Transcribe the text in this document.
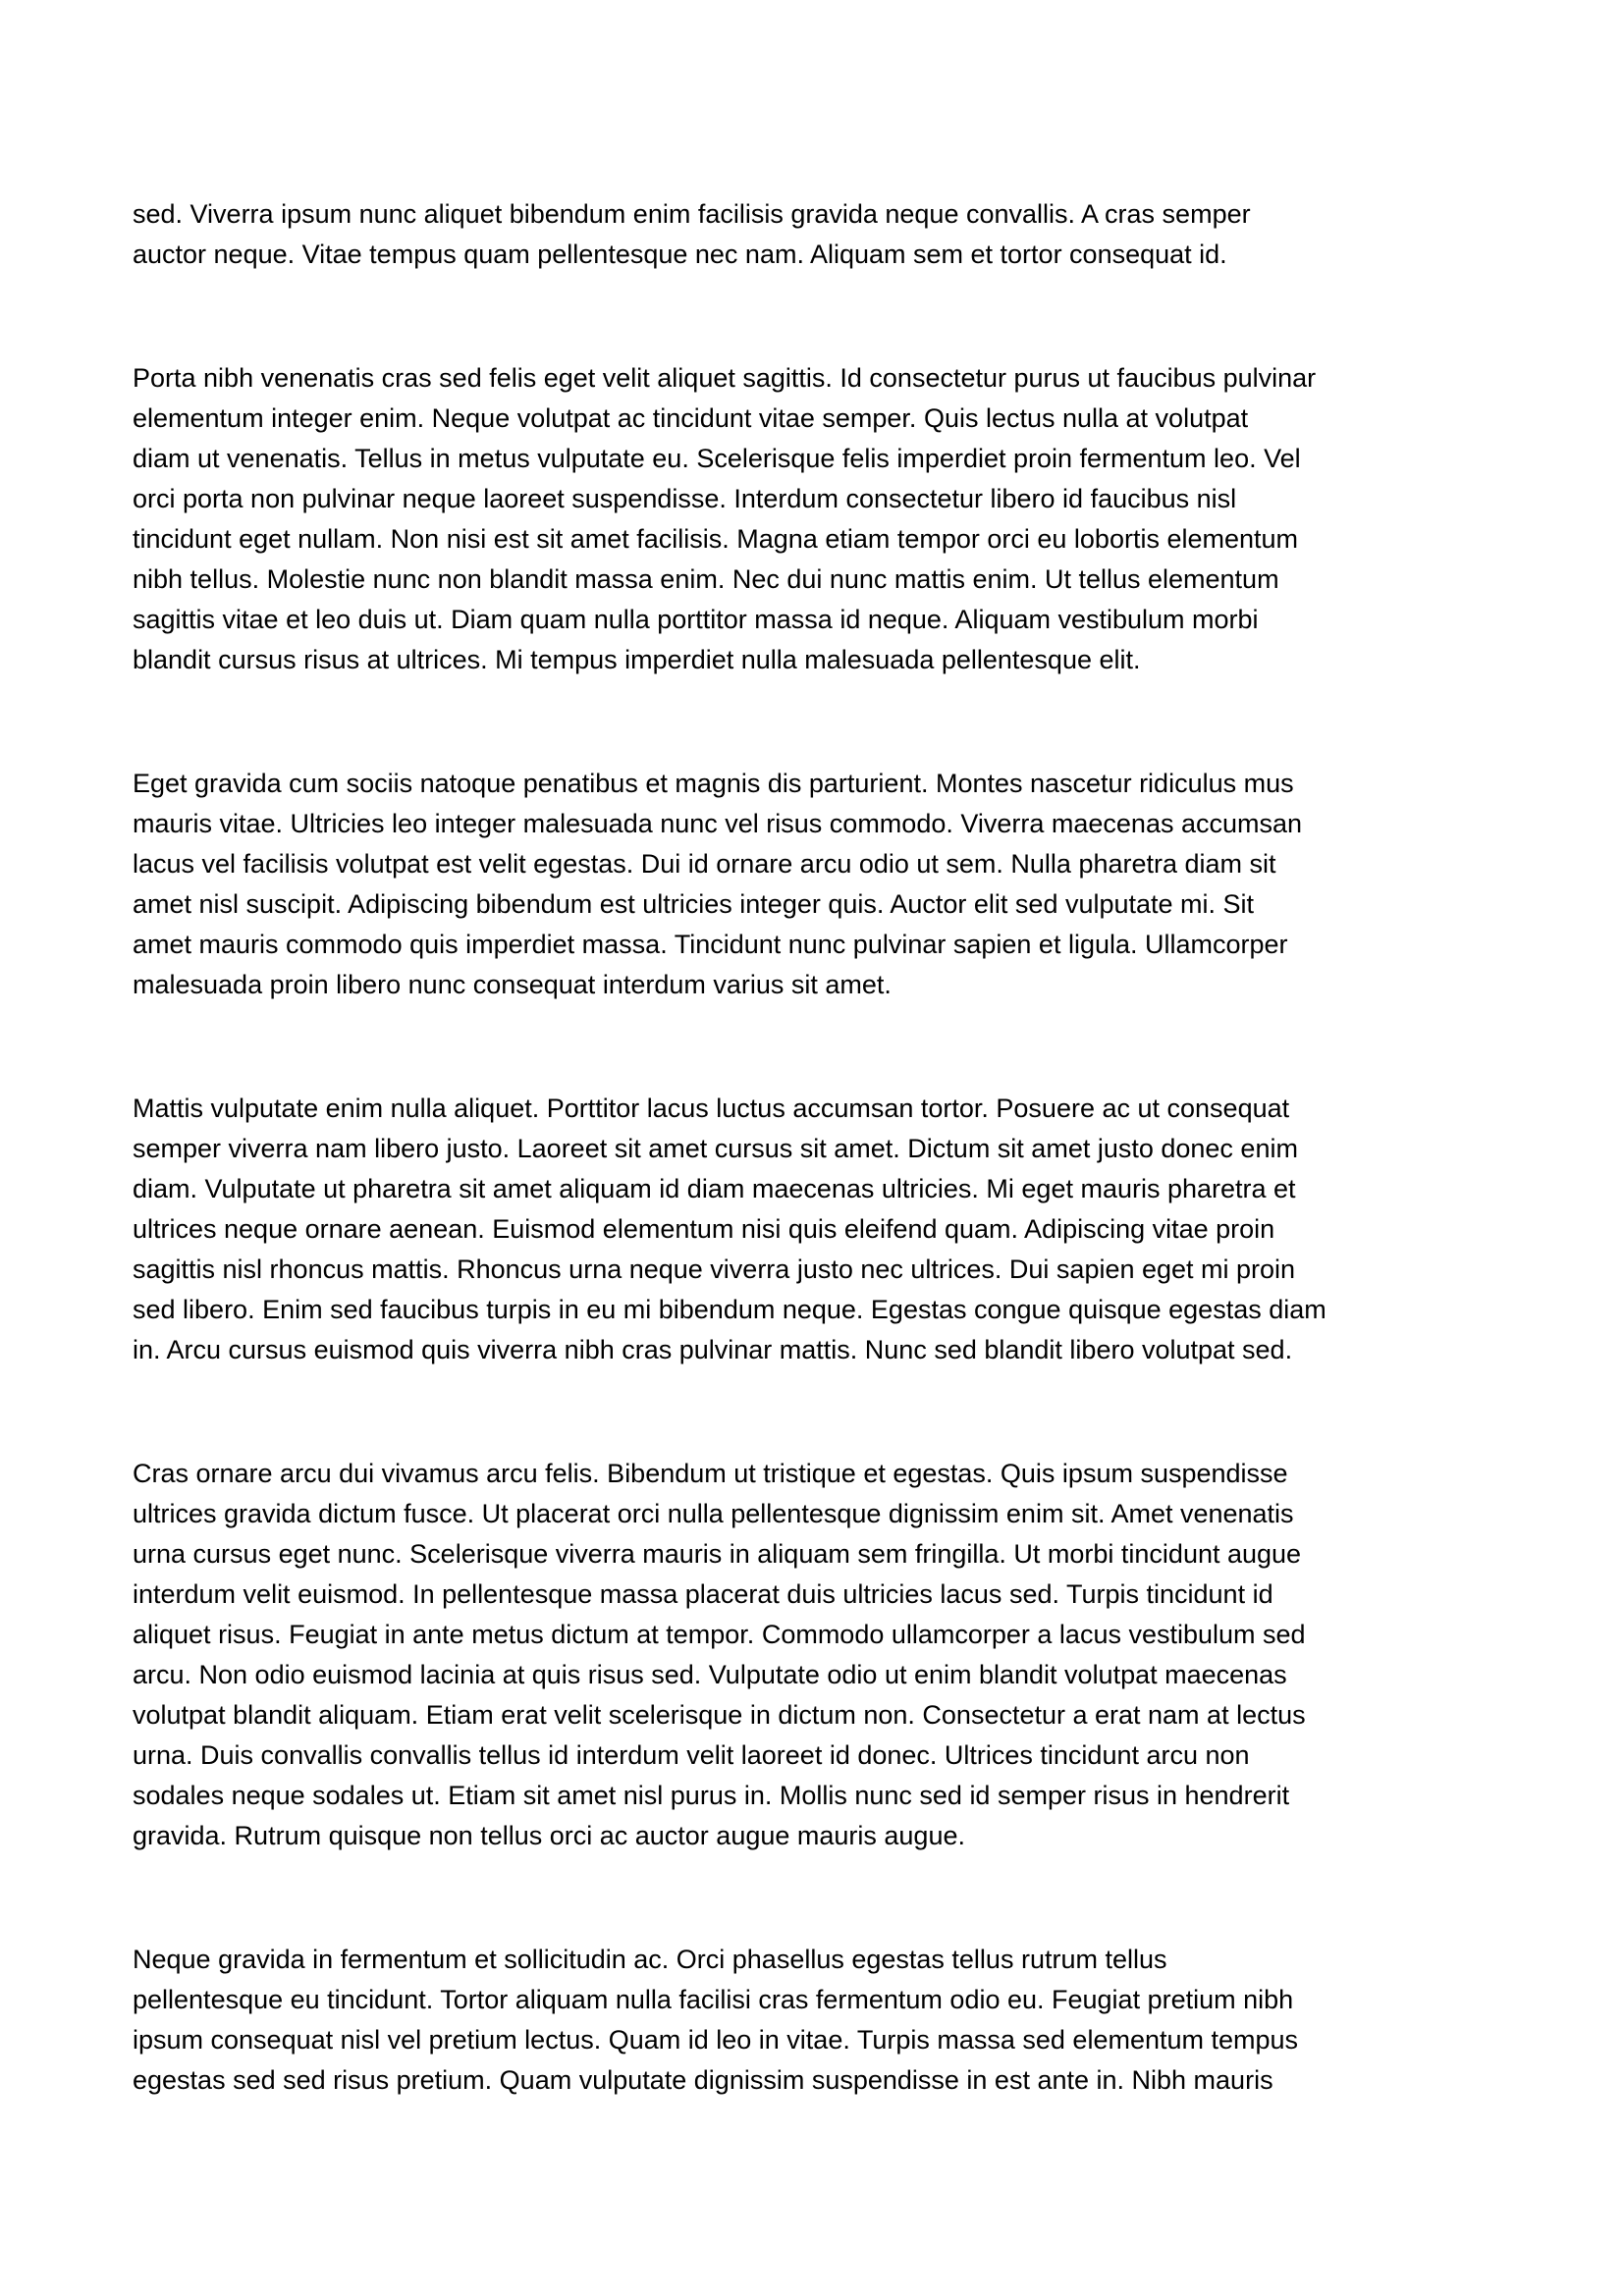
sed. Viverra ipsum nunc aliquet bibendum enim facilisis gravida neque convallis. A cras semper
auctor neque. Vitae tempus quam pellentesque nec nam. Aliquam sem et tortor consequat id.

Porta nibh venenatis cras sed felis eget velit aliquet sagittis. Id consectetur purus ut faucibus pulvinar
elementum integer enim. Neque volutpat ac tincidunt vitae semper. Quis lectus nulla at volutpat
diam ut venenatis. Tellus in metus vulputate eu. Scelerisque felis imperdiet proin fermentum leo. Vel
orci porta non pulvinar neque laoreet suspendisse. Interdum consectetur libero id faucibus nisl
tincidunt eget nullam. Non nisi est sit amet facilisis. Magna etiam tempor orci eu lobortis elementum
nibh tellus. Molestie nunc non blandit massa enim. Nec dui nunc mattis enim. Ut tellus elementum
sagittis vitae et leo duis ut. Diam quam nulla porttitor massa id neque. Aliquam vestibulum morbi
blandit cursus risus at ultrices. Mi tempus imperdiet nulla malesuada pellentesque elit.

Eget gravida cum sociis natoque penatibus et magnis dis parturient. Montes nascetur ridiculus mus
mauris vitae. Ultricies leo integer malesuada nunc vel risus commodo. Viverra maecenas accumsan
lacus vel facilisis volutpat est velit egestas. Dui id ornare arcu odio ut sem. Nulla pharetra diam sit
amet nisl suscipit. Adipiscing bibendum est ultricies integer quis. Auctor elit sed vulputate mi. Sit
amet mauris commodo quis imperdiet massa. Tincidunt nunc pulvinar sapien et ligula. Ullamcorper
malesuada proin libero nunc consequat interdum varius sit amet.

Mattis vulputate enim nulla aliquet. Porttitor lacus luctus accumsan tortor. Posuere ac ut consequat
semper viverra nam libero justo. Laoreet sit amet cursus sit amet. Dictum sit amet justo donec enim
diam. Vulputate ut pharetra sit amet aliquam id diam maecenas ultricies. Mi eget mauris pharetra et
ultrices neque ornare aenean. Euismod elementum nisi quis eleifend quam. Adipiscing vitae proin
sagittis nisl rhoncus mattis. Rhoncus urna neque viverra justo nec ultrices. Dui sapien eget mi proin
sed libero. Enim sed faucibus turpis in eu mi bibendum neque. Egestas congue quisque egestas diam
in. Arcu cursus euismod quis viverra nibh cras pulvinar mattis. Nunc sed blandit libero volutpat sed.

Cras ornare arcu dui vivamus arcu felis. Bibendum ut tristique et egestas. Quis ipsum suspendisse
ultrices gravida dictum fusce. Ut placerat orci nulla pellentesque dignissim enim sit. Amet venenatis
urna cursus eget nunc. Scelerisque viverra mauris in aliquam sem fringilla. Ut morbi tincidunt augue
interdum velit euismod. In pellentesque massa placerat duis ultricies lacus sed. Turpis tincidunt id
aliquet risus. Feugiat in ante metus dictum at tempor. Commodo ullamcorper a lacus vestibulum sed
arcu. Non odio euismod lacinia at quis risus sed. Vulputate odio ut enim blandit volutpat maecenas
volutpat blandit aliquam. Etiam erat velit scelerisque in dictum non. Consectetur a erat nam at lectus
urna. Duis convallis convallis tellus id interdum velit laoreet id donec. Ultrices tincidunt arcu non
sodales neque sodales ut. Etiam sit amet nisl purus in. Mollis nunc sed id semper risus in hendrerit
gravida. Rutrum quisque non tellus orci ac auctor augue mauris augue.

Neque gravida in fermentum et sollicitudin ac. Orci phasellus egestas tellus rutrum tellus
pellentesque eu tincidunt. Tortor aliquam nulla facilisi cras fermentum odio eu. Feugiat pretium nibh
ipsum consequat nisl vel pretium lectus. Quam id leo in vitae. Turpis massa sed elementum tempus
egestas sed sed risus pretium. Quam vulputate dignissim suspendisse in est ante in. Nibh mauris
